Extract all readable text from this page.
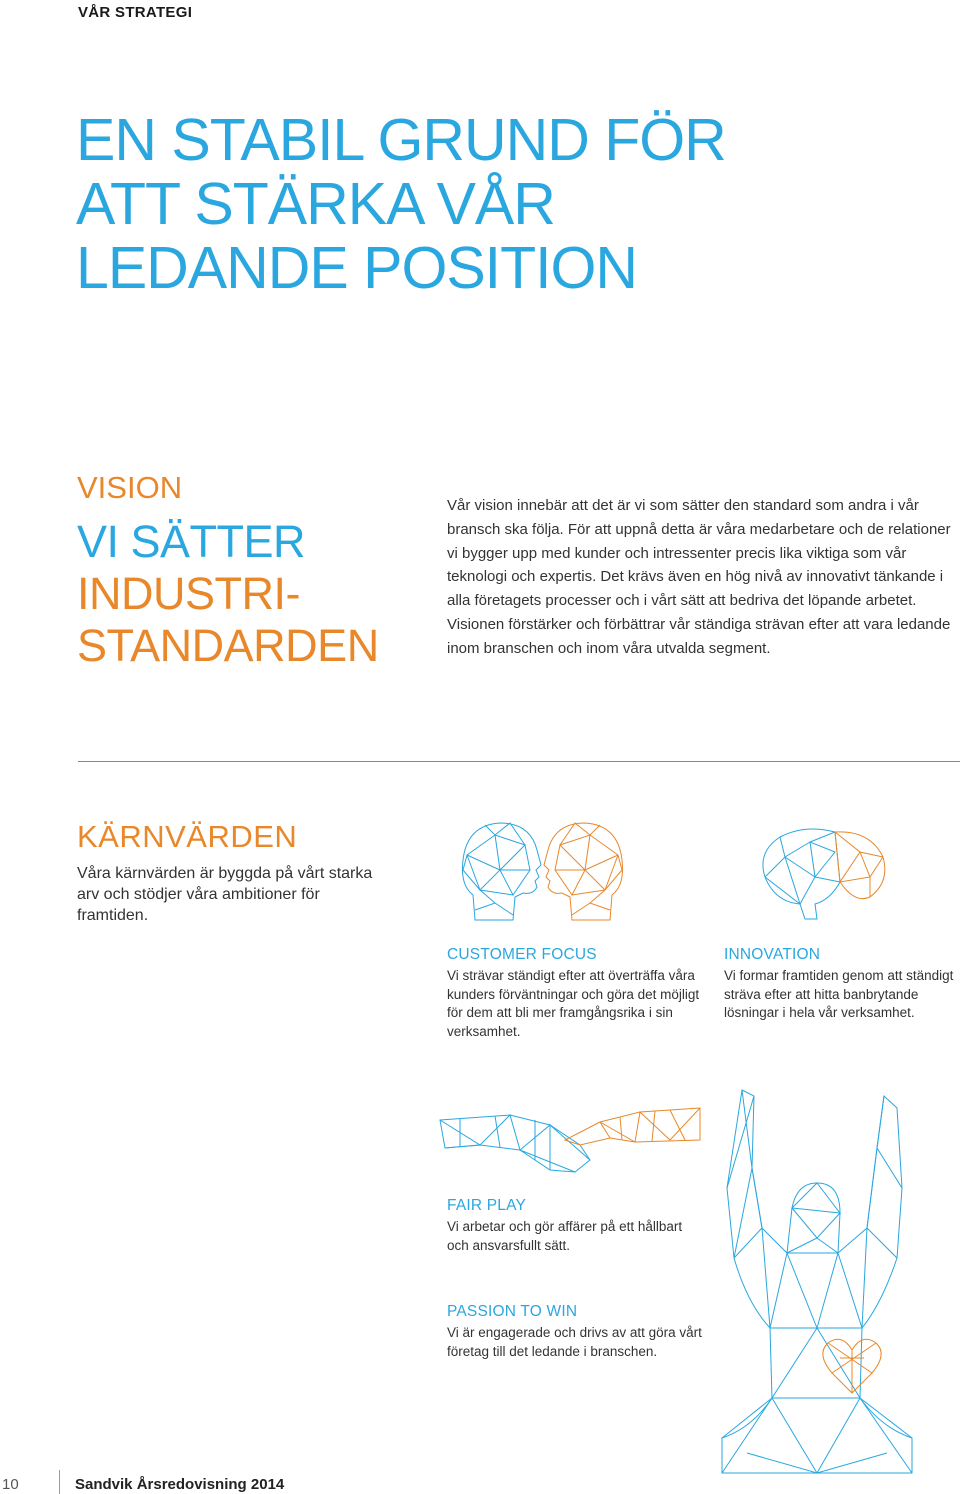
VÅR STRATEGI

EN STABIL GRUND FÖR
ATT STÄRKA VÅR
LEDANDE POSITION

VISION

VI SÄTTER
INDUSTRI-
STANDARDEN

Vår vision innebär att det är vi som sätter den standard som andra i vår bransch ska följa. För att uppnå detta är våra medarbetare och de relationer vi bygger upp med kunder och intressenter precis lika viktiga som vår teknologi och expertis. Det krävs även en hög nivå av innovativt tänkande i alla företagets processer och i vårt sätt att bedriva det löpande arbetet. Visionen förstärker och förbättrar vår ständiga strävan efter att vara ledande inom branschen och inom våra utvalda segment.

KÄRNVÄRDEN

Våra kärnvärden är byggda på vårt starka arv och stödjer våra ambitioner för framtiden.

CUSTOMER FOCUS

Vi strävar ständigt efter att överträffa våra kunders förväntningar och göra det möjligt för dem att bli mer framgångsrika i sin verksamhet.

INNOVATION

Vi formar framtiden genom att ständigt sträva efter att hitta banbrytande lösningar i hela vår verksamhet.

FAIR PLAY

Vi arbetar och gör affärer på ett hållbart och ansvarsfullt sätt.

PASSION TO WIN

Vi är engagerade och drivs av att göra vårt företag till det ledande i branschen.

10	Sandvik Årsredovisning 2014
